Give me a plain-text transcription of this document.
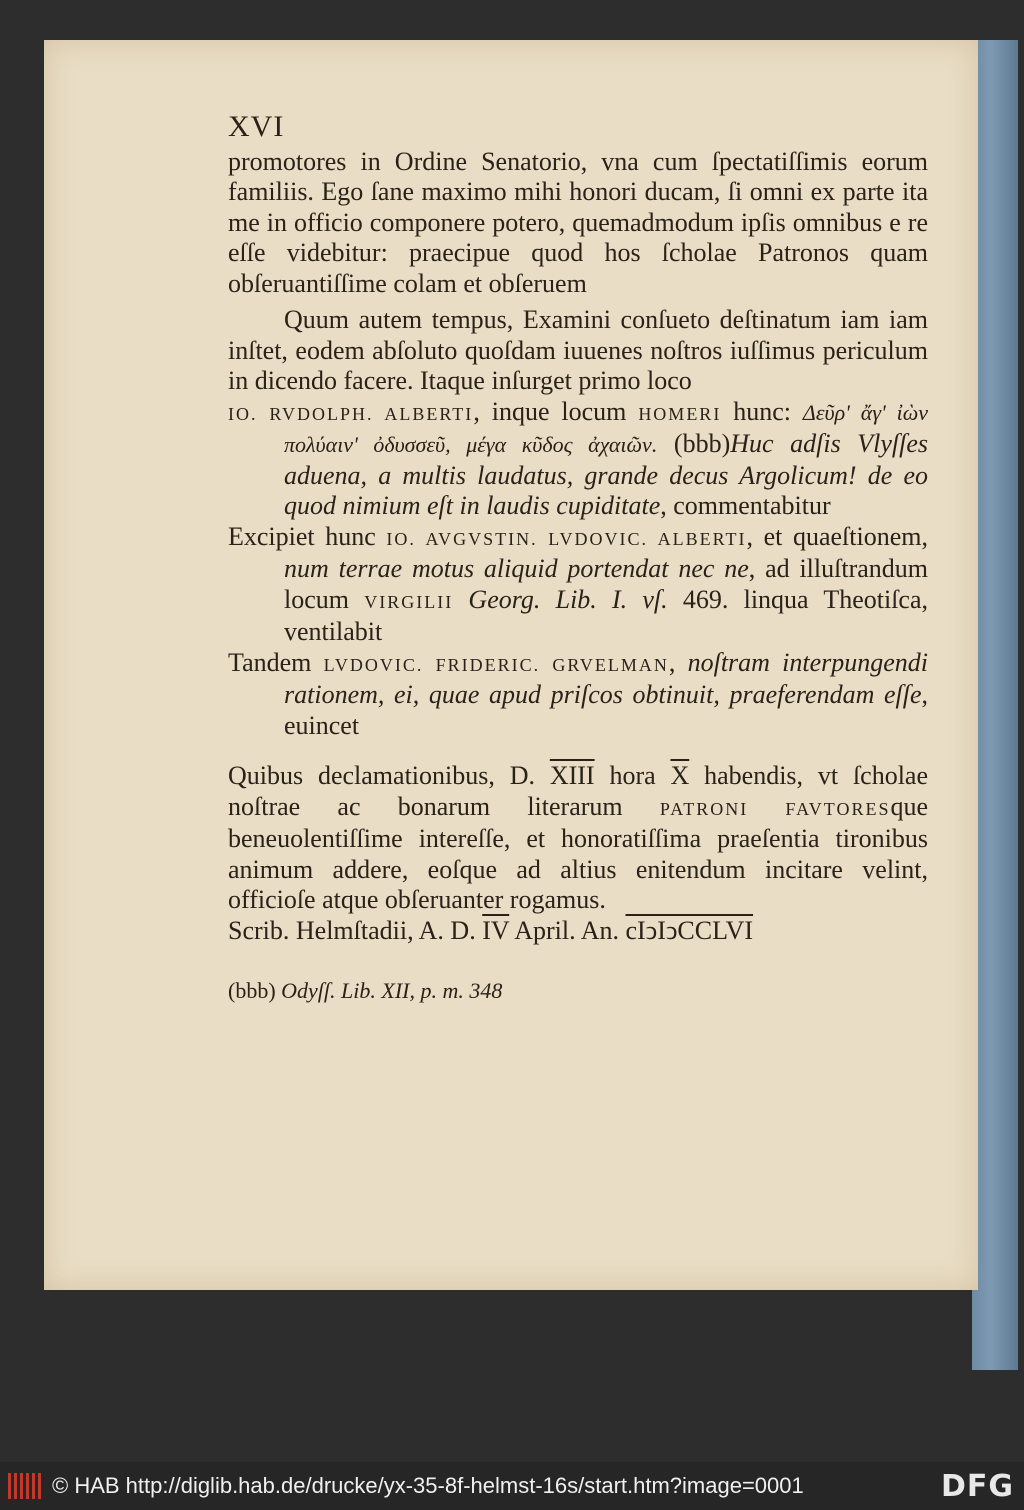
XVI

promotores in Ordine Senatorio, vna cum ſpectatiſſimis eorum familiis. Ego ſane maximo mihi honori ducam, ſi omni ex parte ita me in officio componere potero, quemadmodum ipſis omnibus e re eſſe videbitur: praecipue quod hos ſcholae Patronos quam obſeruantiſſime colam et obſeruem

Quum autem tempus, Examini conſueto deſtinatum iam iam inſtet, eodem abſoluto quoſdam iuuenes noſtros iuſſimus periculum in dicendo facere. Itaque inſurget primo loco

IO. RVDOLPH. ALBERTI, inque locum HOMERI hunc: Δεῦρ' ἄγ' ἰὼν πολύαιν' ὀδυσσεῦ, μέγα κῦδος ἀχαιῶν. (bbb)Huc adſis Vlyſſes aduena, a multis laudatus, grande decus Argolicum! de eo quod nimium eſt in laudis cupiditate, commentabitur

Excipiet hunc IO. AVGVSTIN. LVDOVIC. ALBERTI, et quaeſtionem, num terrae motus aliquid portendat nec ne, ad illuſtrandum locum VIRGILII Georg. Lib. I. vſ. 469. linqua Theotiſca, ventilabit

Tandem LVDOVIC. FRIDERIC. GRVELMAN, noſtram interpungendi rationem, ei, quae apud priſcos obtinuit, praeferendam eſſe, euincet

Quibus declamationibus, D. XIII hora $\overline{X}$ habendis, vt ſcholae noſtrae ac bonarum literarum PATRONI FAVTORESque beneuolentiſſime intereſſe, et honoratiſſima praeſentia tironibus animum addere, eoſque ad altius enitendum incitare velint, officioſe atque obſeruanter rogamus.

Scrib. Helmſtadii, A. D. $\overline{IV}$ April. An. cIↄIↄCCLVI

(bbb) Odyſſ. Lib. XII, p. m. 348

© HAB http://diglib.hab.de/drucke/yx-35-8f-helmst-16s/start.htm?image=0001	DFG
